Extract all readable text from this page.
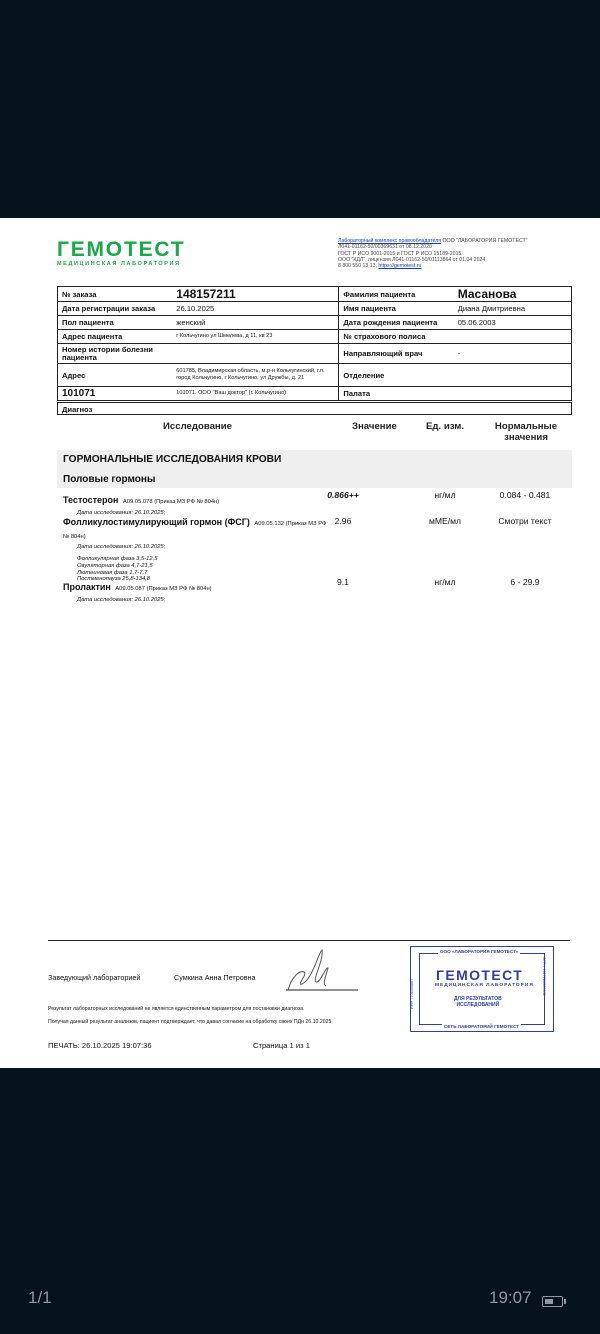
ГЕМОТЕСТ
МЕДИЦИНСКАЯ ЛАБОРАТОРИЯ
Лабораторный комплекс правообладателя ООО "ЛАБОРАТОРИЯ ГЕМОТЕСТ"
Л041-01162-50/00369631 от 08.12.2020
ГОСТ Р ИСО 9001-2015 и ГОСТ Р ИСО 15189-2015
ООО "КДЛ", лицензия Л041-01162-50/01113864 от 01.04.2024
8 800 550 13 13, https://gemotest.ru
№ заказа	148157211	Фамилия пациента	Масанова
Дата регистрации заказа	26.10.2025	Имя пациента	Диана Дмитриевна
Пол пациента	женский	Дата рождения пациента	05.06.2003
Адрес пациента	г Кольчугино ул Шмелева, д 11, кв 23	№ страхового полиса	
Номер истории болезни пациента		Направляющий врач	-
Адрес	601785, Владимирская область, м.р-н Кольчугинский, г.п. город Кольчугино, г Кольчугино, ул Дружбы, д. 21	Отделение	
101071	101071. ООО "Ваш доктор" (г. Кольчугино)	Палата	
Диагноз
Исследование	Значение	Ед. изм.	Нормальные значения
ГОРМОНАЛЬНЫЕ ИССЛЕДОВАНИЯ КРОВИ
Половые гормоны
Тестостерон A09.05.078 (Приказ МЗ РФ № 804н)
Дата исследования: 26.10.2025;
0.866++	нг/мл	0.084 - 0.481
Фолликулостимулирующий гормон (ФСГ) A09.05.132 (Приказ МЗ РФ № 804н)
Дата исследования: 26.10.2025;
Фолликулярная фаза 3,5-12,5
Овуляторная фаза 4,7-21,5
Лютеиновая фаза 1,7-7,7
Постменопауза 25,8-134,8
2.96	мМЕ/мл	Смотри текст
Пролактин A09.05.087 (Приказ МЗ РФ № 804н)
Дата исследования: 26.10.2025;
9.1	нг/мл	6 - 29.9
Заведующий лабораторией	Сумкина Анна Петровна
Результат лабораторных исследований не является единственным параметром для постановки диагноза.
Получая данный результат анализов, пациент подтверждает, что давал согласие на обработку своих ПДн 26.10.2025
ПЕЧАТЬ: 26.10.2025 19:07:36	Страница 1 из 1
ООО «ЛАБОРАТОРИЯ ГЕМОТЕСТ»
ГЕМОТЕСТ
МЕДИЦИНСКАЯ ЛАБОРАТОРИЯ
ДЛЯ РЕЗУЛЬТАТОВ
ИССЛЕДОВАНИЙ
СЕТЬ ЛАБОРАТОРИЙ ГЕМОТЕСТ
ИНН 7706395667	ОГРН 1027706009642
1/1	19:07
